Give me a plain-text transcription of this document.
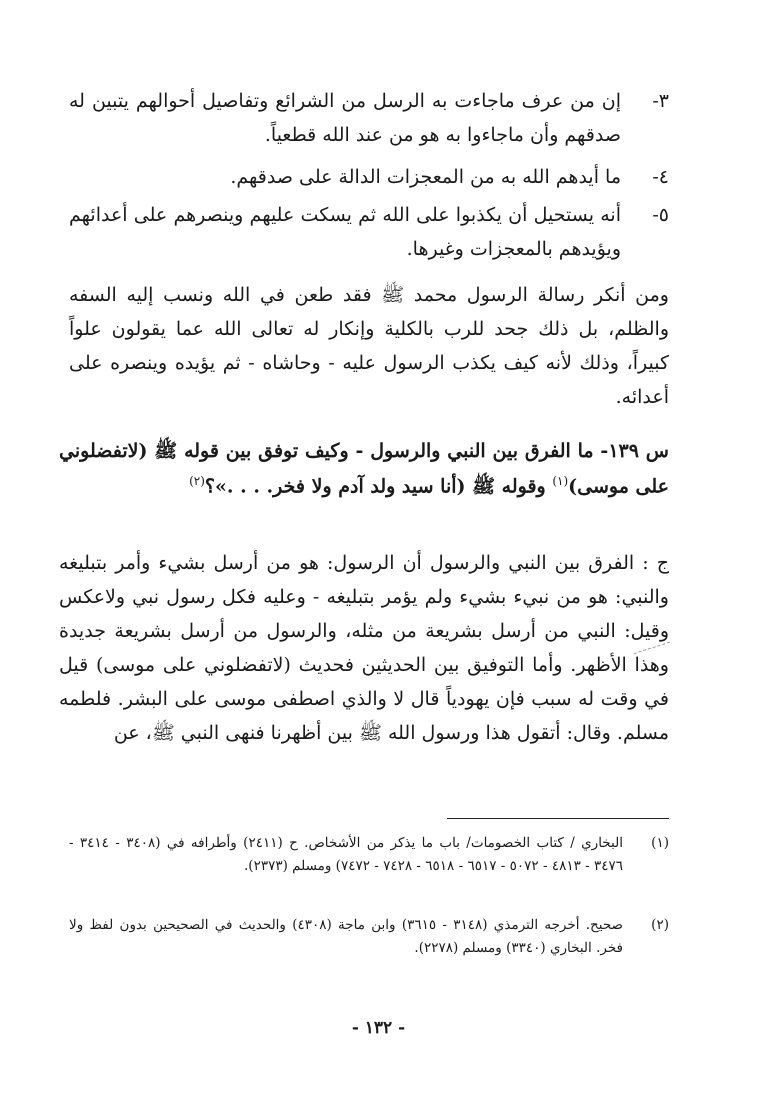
٣-
إن من عرف ماجاءت به الرسل من الشرائع وتفاصيل أحوالهم يتبين له صدقهم وأن ماجاءوا به هو من عند الله قطعياً.
٤-
ما أيدهم الله به من المعجزات الدالة على صدقهم.
٥-
أنه يستحيل أن يكذبوا على الله ثم يسكت عليهم وينصرهم على أعدائهم ويؤيدهم بالمعجزات وغيرها.
ومن أنكر رسالة الرسول محمد ﷺ فقد طعن في الله ونسب إليه السفه والظلم، بل ذلك جحد للرب بالكلية وإنكار له تعالى الله عما يقولون علواً كبيراً، وذلك لأنه كيف يكذب الرسول عليه - وحاشاه - ثم يؤيده وينصره على أعدائه.
س ١٣٩- ما الفرق بين النبي والرسول - وكيف توفق بين قوله ﷺ (لاتفضلوني على موسى)$^{(١)}$ وقوله ﷺ (أنا سيد ولد آدم ولا فخر. . . .»؟$^{(٢)}$
ج : الفرق بين النبي والرسول أن الرسول: هو من أرسل بشيء وأمر بتبليغه والنبي: هو من نبيء بشيء ولم يؤمر بتبليغه - وعليه فكل رسول نبي ولاعكس وقيل: النبي من أرسل بشريعة من مثله، والرسول من أرسل بشريعة جديدة وهذا الأظهر. وأما التوفيق بين الحديثين فحديث (لاتفضلوني على موسى) قيل في وقت له سبب فإن يهودياً قال لا والذي اصطفى موسى على البشر. فلطمه مسلم. وقال: أتقول هذا ورسول الله ﷺ بين أظهرنا فنهى النبي ﷺ، عن
(١)
البخاري / كتاب الخصومات/ باب ما يذكر من الأشخاص. ح (٢٤١١) وأطرافه في (٣٤٠٨ - ٣٤١٤ - ٣٤٧٦ - ٤٨١٣ - ٥٠٧٢ - ٦٥١٧ - ٦٥١٨ - ٧٤٢٨ - ٧٤٧٢) ومسلم (٢٣٧٣).
(٢)
صحيح. أخرجه الترمذي (٣١٤٨ - ٣٦١٥) وابن ماجة (٤٣٠٨) والحديث في الصحيحين بدون لفظ ولا فخر. البخاري (٣٣٤٠) ومسلم (٢٢٧٨).
- ١٣٢ -
